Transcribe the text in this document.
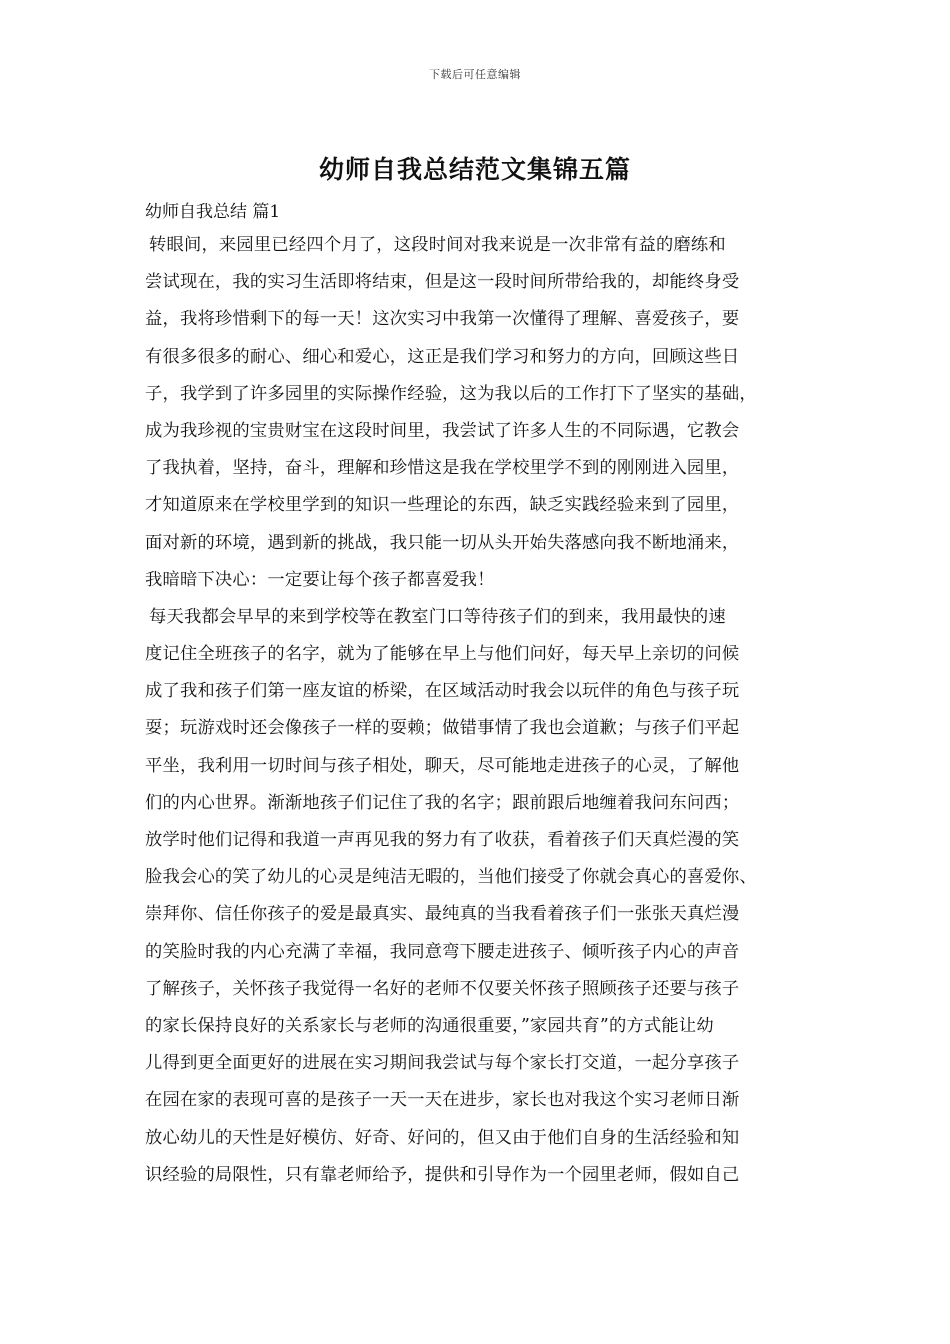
下载后可任意编辑
幼师自我总结范文集锦五篇
幼师自我总结 篇1
转眼间，来园里已经四个月了，这段时间对我来说是一次非常有益的磨练和
尝试现在，我的实习生活即将结束，但是这一段时间所带给我的，却能终身受
益，我将珍惜剩下的每一天！这次实习中我第一次懂得了理解、喜爱孩子，要
有很多很多的耐心、细心和爱心，这正是我们学习和努力的方向，回顾这些日
子，我学到了许多园里的实际操作经验，这为我以后的工作打下了坚实的基础，
成为我珍视的宝贵财宝在这段时间里，我尝试了许多人生的不同际遇，它教会
了我执着，坚持，奋斗，理解和珍惜这是我在学校里学不到的刚刚进入园里，
才知道原来在学校里学到的知识一些理论的东西，缺乏实践经验来到了园里，
面对新的环境，遇到新的挑战，我只能一切从头开始失落感向我不断地涌来，
我暗暗下决心：一定要让每个孩子都喜爱我！
每天我都会早早的来到学校等在教室门口等待孩子们的到来，我用最快的速
度记住全班孩子的名字，就为了能够在早上与他们问好，每天早上亲切的问候
成了我和孩子们第一座友谊的桥梁，在区域活动时我会以玩伴的角色与孩子玩
耍；玩游戏时还会像孩子一样的耍赖；做错事情了我也会道歉；与孩子们平起
平坐，我利用一切时间与孩子相处，聊天，尽可能地走进孩子的心灵，了解他
们的内心世界。渐渐地孩子们记住了我的名字；跟前跟后地缠着我问东问西；
放学时他们记得和我道一声再见我的努力有了收获，看着孩子们天真烂漫的笑
脸我会心的笑了幼儿的心灵是纯洁无暇的，当他们接受了你就会真心的喜爱你、
崇拜你、信任你孩子的爱是最真实、最纯真的当我看着孩子们一张张天真烂漫
的笑脸时我的内心充满了幸福，我同意弯下腰走进孩子、倾听孩子内心的声音
了解孩子，关怀孩子我觉得一名好的老师不仅要关怀孩子照顾孩子还要与孩子
的家长保持良好的关系家长与老师的沟通很重要，”家园共育”的方式能让幼
儿得到更全面更好的进展在实习期间我尝试与每个家长打交道，一起分享孩子
在园在家的表现可喜的是孩子一天一天在进步，家长也对我这个实习老师日渐
放心幼儿的天性是好模仿、好奇、好问的，但又由于他们自身的生活经验和知
识经验的局限性，只有靠老师给予，提供和引导作为一个园里老师，假如自己
